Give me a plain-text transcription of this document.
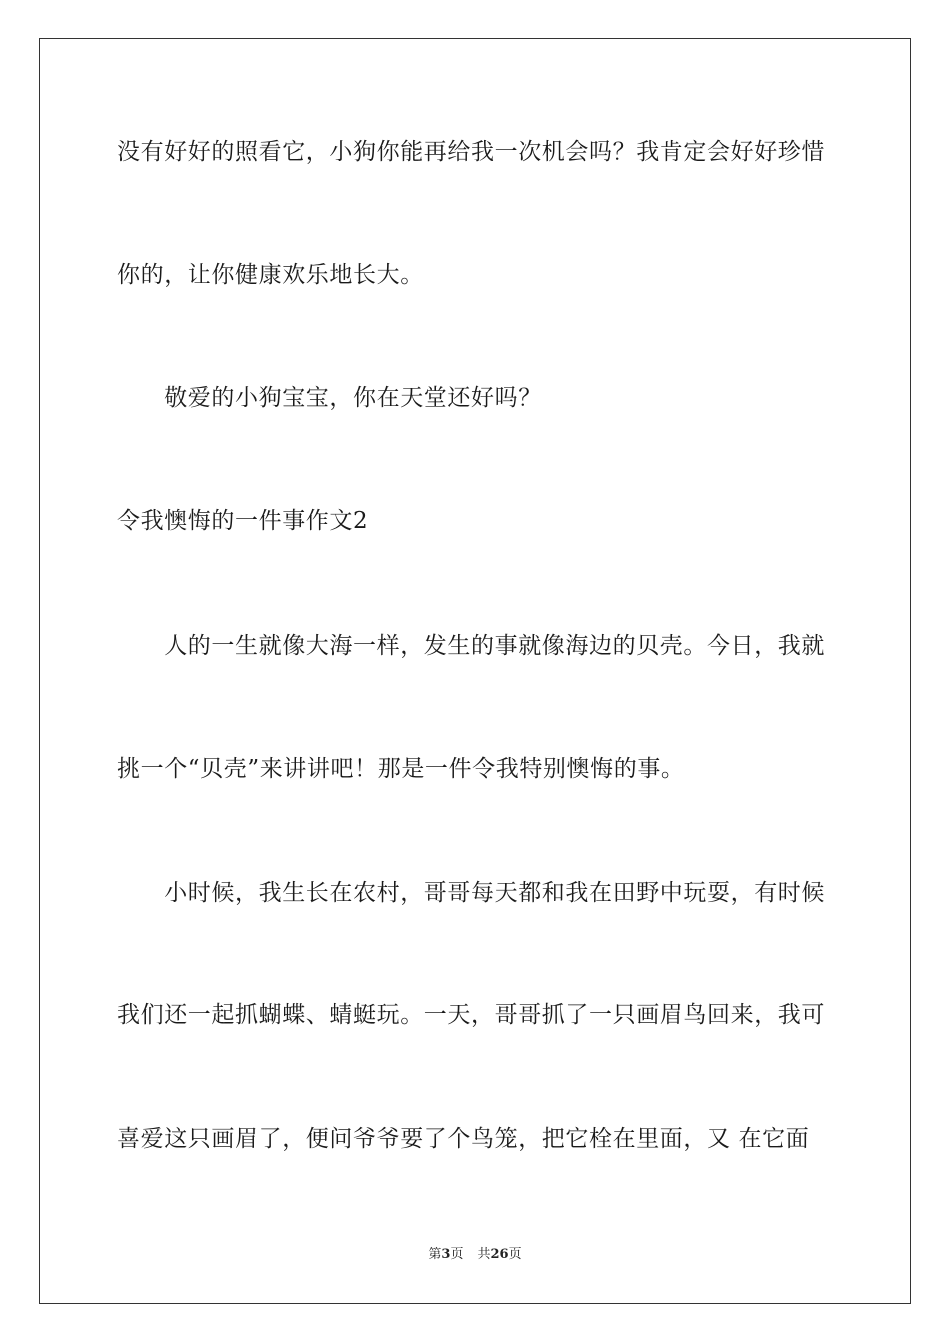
没有好好的照看它，小狗你能再给我一次机会吗？我肯定会好好珍惜
你的，让你健康欢乐地长大。
　　敬爱的小狗宝宝，你在天堂还好吗？
令我懊悔的一件事作文2
　　人的一生就像大海一样，发生的事就像海边的贝壳。今日，我就
挑一个“贝壳”来讲讲吧！那是一件令我特别懊悔的事。
　　小时候，我生长在农村，哥哥每天都和我在田野中玩耍，有时候
我们还一起抓蝴蝶、蜻蜓玩。一天，哥哥抓了一只画眉鸟回来，我可
喜爱这只画眉了，便问爷爷要了个鸟笼，把它栓在里面，又 在它面
第3页 共26页
